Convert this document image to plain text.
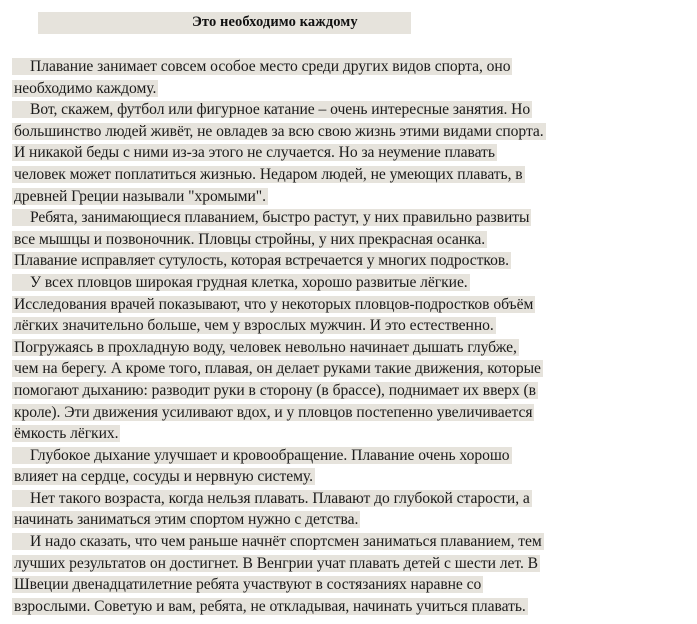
Это необходимо каждому
Плавание занимает совсем особое место среди других видов спорта, оно
необходимо каждому.
Вот, скажем, футбол или фигурное катание – очень интересные занятия. Но
большинство людей живёт, не овладев за всю свою жизнь этими видами спорта.
И никакой беды с ними из-за этого не случается. Но за неумение плавать
человек может поплатиться жизнью. Недаром людей, не умеющих плавать, в
древней Греции называли "хромыми".
Ребята, занимающиеся плаванием, быстро растут, у них правильно развиты
все мышцы и позвоночник. Пловцы стройны, у них прекрасная осанка.
Плавание исправляет сутулость, которая встречается у многих подростков.
У всех пловцов широкая грудная клетка, хорошо развитые лёгкие.
Исследования врачей показывают, что у некоторых пловцов-подростков объём
лёгких значительно больше, чем у взрослых мужчин. И это естественно.
Погружаясь в прохладную воду, человек невольно начинает дышать глубже,
чем на берегу. А кроме того, плавая, он делает руками такие движения, которые
помогают дыханию: разводит руки в сторону (в брассе), поднимает их вверх (в
кроле). Эти движения усиливают вдох, и у пловцов постепенно увеличивается
ёмкость лёгких.
Глубокое дыхание улучшает и кровообращение. Плавание очень хорошо
влияет на сердце, сосуды и нервную систему.
Нет такого возраста, когда нельзя плавать. Плавают до глубокой старости, а
начинать заниматься этим спортом нужно с детства.
И надо сказать, что чем раньше начнёт спортсмен заниматься плаванием, тем
лучших результатов он достигнет. В Венгрии учат плавать детей с шести лет. В
Швеции двенадцатилетние ребята участвуют в состязаниях наравне со
взрослыми. Советую и вам, ребята, не откладывая, начинать учиться плавать.
